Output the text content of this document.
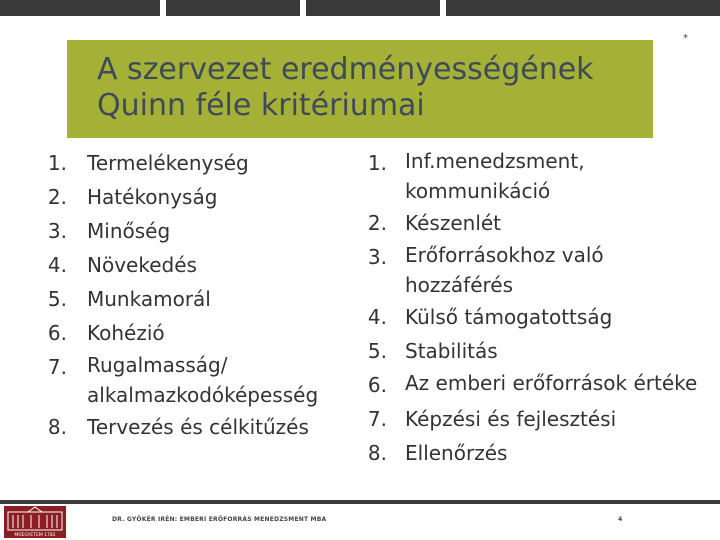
*
A szervezet eredményességének
Quinn féle kritériumai
1.	Termelékenység
2.	Hatékonyság
3.	Minőség
4.	Növekedés
5.	Munkamorál
6.	Kohézió
7.	Rugalmasság/ alkalmazkodóképesség
8.	Tervezés és célkitűzés
1. Inf.menedzsment, kommunikáció
2. Készenlét
3. Erőforrásokhoz való hozzáférés
4. Külső támogatottság
5. Stabilitás
6. Az emberi erőforrások értéke
7. Képzési és fejlesztési
8. Ellenőrzés
MŰEGYETEM 1782
DR. GYŐKÉR IRÉN: EMBERI ERŐFORRÁS MENEDZSMENT MBA	4
